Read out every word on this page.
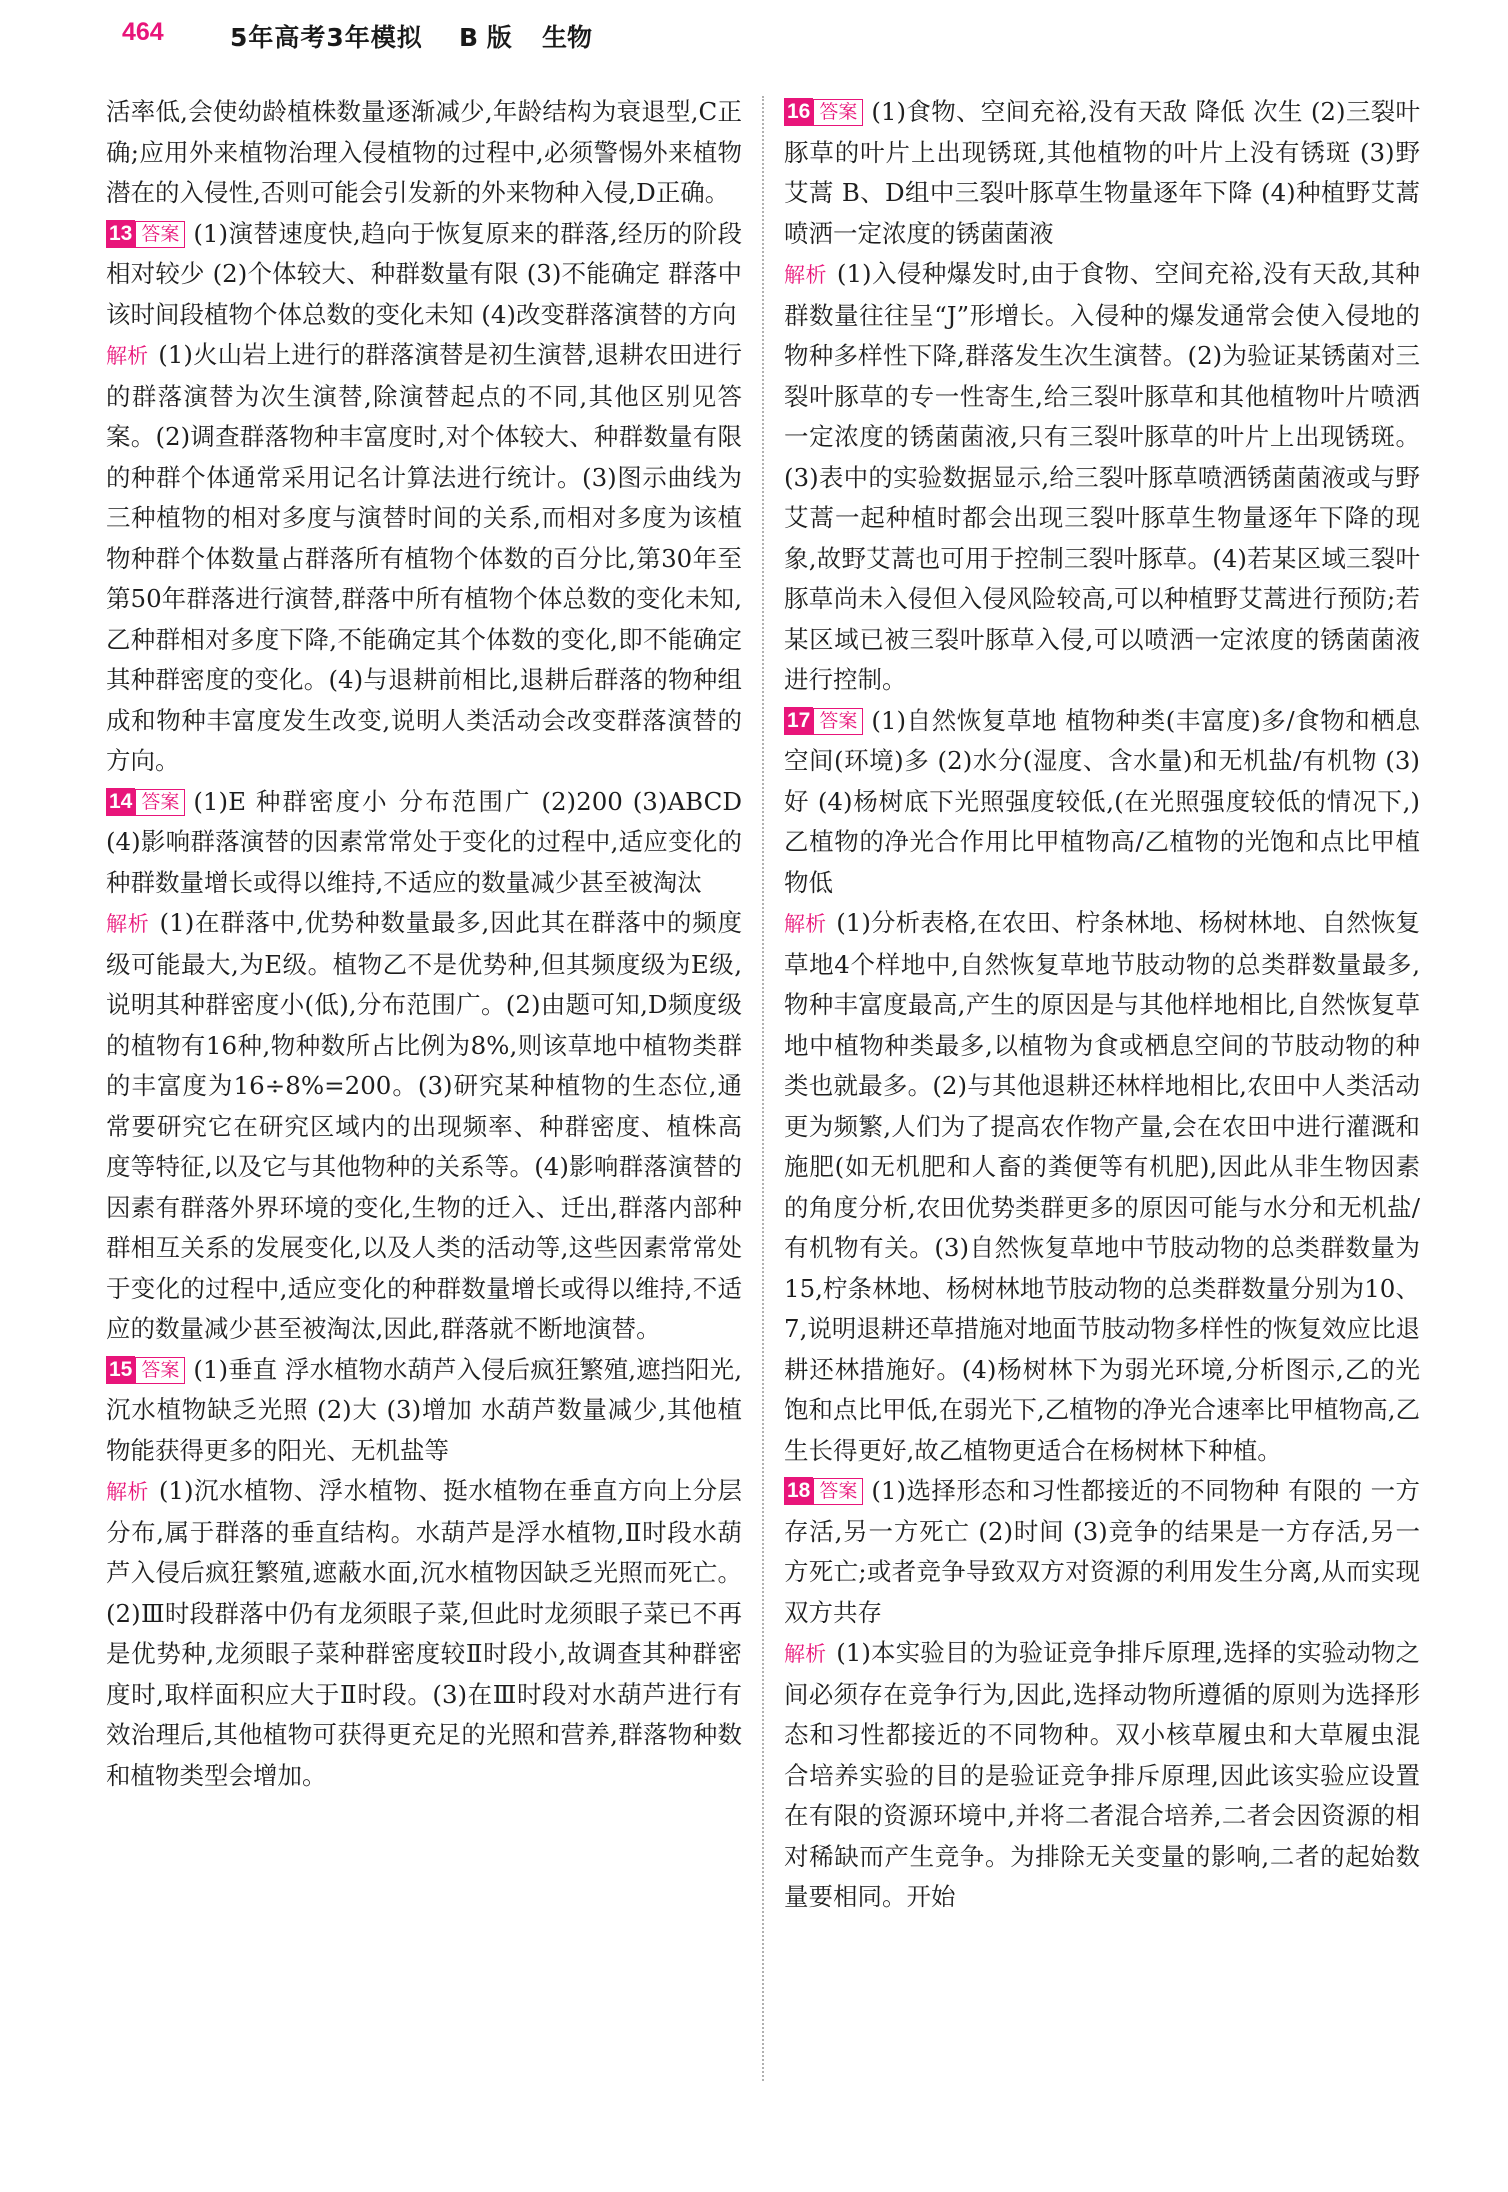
464	5年高考3年模拟 B 版 生物

活率低,会使幼龄植株数量逐渐减少,年龄结构为衰退型,C正确;应用外来植物治理入侵植物的过程中,必须警惕外来植物潜在的入侵性,否则可能会引发新的外来物种入侵,D正确。

13 答案 (1)演替速度快,趋向于恢复原来的群落,经历的阶段相对较少 (2)个体较大、种群数量有限 (3)不能确定 群落中该时间段植物个体总数的变化未知 (4)改变群落演替的方向

解析 (1)火山岩上进行的群落演替是初生演替,退耕农田进行的群落演替为次生演替,除演替起点的不同,其他区别见答案。(2)调查群落物种丰富度时,对个体较大、种群数量有限的种群个体通常采用记名计算法进行统计。(3)图示曲线为三种植物的相对多度与演替时间的关系,而相对多度为该植物种群个体数量占群落所有植物个体数的百分比,第30年至第50年群落进行演替,群落中所有植物个体总数的变化未知,乙种群相对多度下降,不能确定其个体数的变化,即不能确定其种群密度的变化。(4)与退耕前相比,退耕后群落的物种组成和物种丰富度发生改变,说明人类活动会改变群落演替的方向。

14 答案 (1)E 种群密度小 分布范围广 (2)200 (3)ABCD (4)影响群落演替的因素常常处于变化的过程中,适应变化的种群数量增长或得以维持,不适应的数量减少甚至被淘汰

解析 (1)在群落中,优势种数量最多,因此其在群落中的频度级可能最大,为E级。植物乙不是优势种,但其频度级为E级,说明其种群密度小(低),分布范围广。(2)由题可知,D频度级的植物有16种,物种数所占比例为8%,则该草地中植物类群的丰富度为16÷8%=200。(3)研究某种植物的生态位,通常要研究它在研究区域内的出现频率、种群密度、植株高度等特征,以及它与其他物种的关系等。(4)影响群落演替的因素有群落外界环境的变化,生物的迁入、迁出,群落内部种群相互关系的发展变化,以及人类的活动等,这些因素常常处于变化的过程中,适应变化的种群数量增长或得以维持,不适应的数量减少甚至被淘汰,因此,群落就不断地演替。

15 答案 (1)垂直 浮水植物水葫芦入侵后疯狂繁殖,遮挡阳光,沉水植物缺乏光照 (2)大 (3)增加 水葫芦数量减少,其他植物能获得更多的阳光、无机盐等

解析 (1)沉水植物、浮水植物、挺水植物在垂直方向上分层分布,属于群落的垂直结构。水葫芦是浮水植物,Ⅱ时段水葫芦入侵后疯狂繁殖,遮蔽水面,沉水植物因缺乏光照而死亡。(2)Ⅲ时段群落中仍有龙须眼子菜,但此时龙须眼子菜已不再是优势种,龙须眼子菜种群密度较Ⅱ时段小,故调查其种群密度时,取样面积应大于Ⅱ时段。(3)在Ⅲ时段对水葫芦进行有效治理后,其他植物可获得更充足的光照和营养,群落物种数和植物类型会增加。

16 答案 (1)食物、空间充裕,没有天敌 降低 次生 (2)三裂叶豚草的叶片上出现锈斑,其他植物的叶片上没有锈斑 (3)野艾蒿 B、D组中三裂叶豚草生物量逐年下降 (4)种植野艾蒿 喷洒一定浓度的锈菌菌液

解析 (1)入侵种爆发时,由于食物、空间充裕,没有天敌,其种群数量往往呈“J”形增长。入侵种的爆发通常会使入侵地的物种多样性下降,群落发生次生演替。(2)为验证某锈菌对三裂叶豚草的专一性寄生,给三裂叶豚草和其他植物叶片喷洒一定浓度的锈菌菌液,只有三裂叶豚草的叶片上出现锈斑。(3)表中的实验数据显示,给三裂叶豚草喷洒锈菌菌液或与野艾蒿一起种植时都会出现三裂叶豚草生物量逐年下降的现象,故野艾蒿也可用于控制三裂叶豚草。(4)若某区域三裂叶豚草尚未入侵但入侵风险较高,可以种植野艾蒿进行预防;若某区域已被三裂叶豚草入侵,可以喷洒一定浓度的锈菌菌液进行控制。

17 答案 (1)自然恢复草地 植物种类(丰富度)多/食物和栖息空间(环境)多 (2)水分(湿度、含水量)和无机盐/有机物 (3)好 (4)杨树底下光照强度较低,(在光照强度较低的情况下,)乙植物的净光合作用比甲植物高/乙植物的光饱和点比甲植物低

解析 (1)分析表格,在农田、柠条林地、杨树林地、自然恢复草地4个样地中,自然恢复草地节肢动物的总类群数量最多,物种丰富度最高,产生的原因是与其他样地相比,自然恢复草地中植物种类最多,以植物为食或栖息空间的节肢动物的种类也就最多。(2)与其他退耕还林样地相比,农田中人类活动更为频繁,人们为了提高农作物产量,会在农田中进行灌溉和施肥(如无机肥和人畜的粪便等有机肥),因此从非生物因素的角度分析,农田优势类群更多的原因可能与水分和无机盐/有机物有关。(3)自然恢复草地中节肢动物的总类群数量为15,柠条林地、杨树林地节肢动物的总类群数量分别为10、7,说明退耕还草措施对地面节肢动物多样性的恢复效应比退耕还林措施好。(4)杨树林下为弱光环境,分析图示,乙的光饱和点比甲低,在弱光下,乙植物的净光合速率比甲植物高,乙生长得更好,故乙植物更适合在杨树林下种植。

18 答案 (1)选择形态和习性都接近的不同物种 有限的 一方存活,另一方死亡 (2)时间 (3)竞争的结果是一方存活,另一方死亡;或者竞争导致双方对资源的利用发生分离,从而实现双方共存

解析 (1)本实验目的为验证竞争排斥原理,选择的实验动物之间必须存在竞争行为,因此,选择动物所遵循的原则为选择形态和习性都接近的不同物种。双小核草履虫和大草履虫混合培养实验的目的是验证竞争排斥原理,因此该实验应设置在有限的资源环境中,并将二者混合培养,二者会因资源的相对稀缺而产生竞争。为排除无关变量的影响,二者的起始数量要相同。开始
